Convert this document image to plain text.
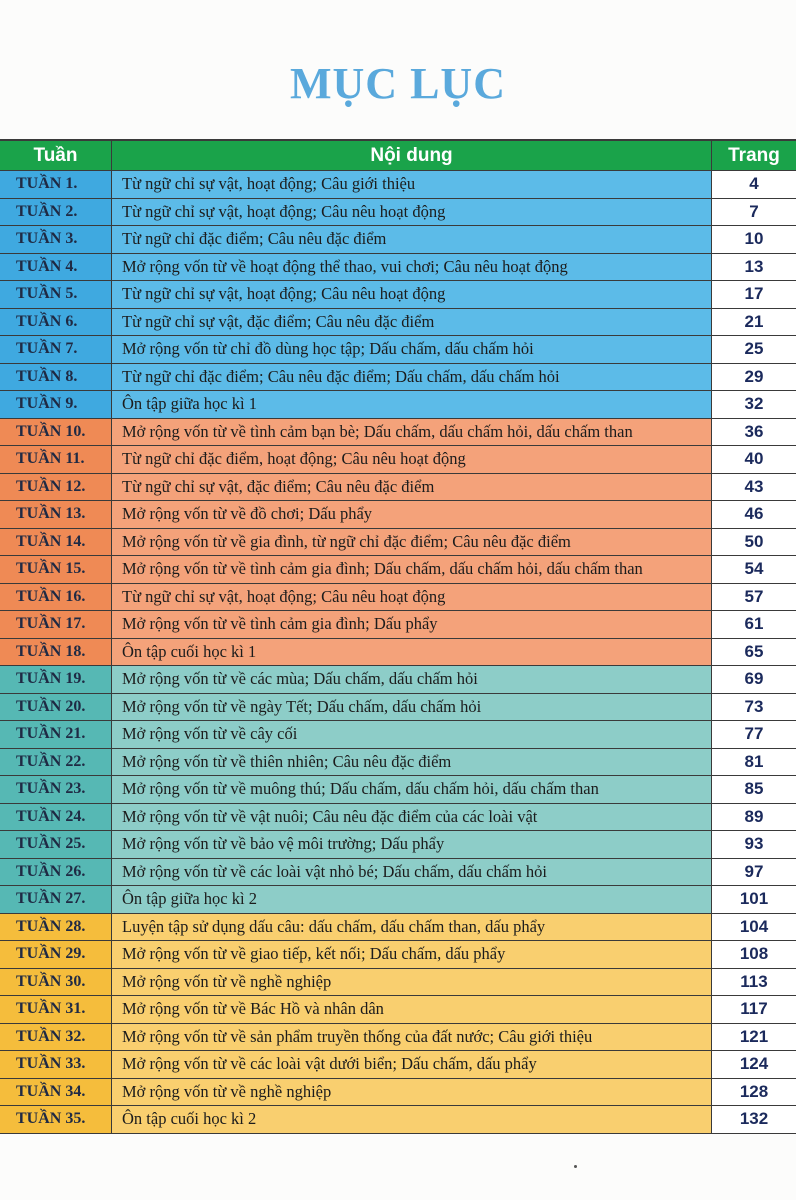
MỤC LỤC
Tuần	Nội dung	Trang
TUẦN 1.	Từ ngữ chỉ sự vật, hoạt động; Câu giới thiệu	4
TUẦN 2.	Từ ngữ chỉ sự vật, hoạt động; Câu nêu hoạt động	7
TUẦN 3.	Từ ngữ chỉ đặc điểm; Câu nêu đặc điểm	10
TUẦN 4.	Mở rộng vốn từ về hoạt động thể thao, vui chơi; Câu nêu hoạt động	13
TUẦN 5.	Từ ngữ chỉ sự vật, hoạt động; Câu nêu hoạt động	17
TUẦN 6.	Từ ngữ chỉ sự vật, đặc điểm; Câu nêu đặc điểm	21
TUẦN 7.	Mở rộng vốn từ chỉ đồ dùng học tập; Dấu chấm, dấu chấm hỏi	25
TUẦN 8.	Từ ngữ chỉ đặc điểm; Câu nêu đặc điểm; Dấu chấm, dấu chấm hỏi	29
TUẦN 9.	Ôn tập giữa học kì 1	32
TUẦN 10.	Mở rộng vốn từ về tình cảm bạn bè; Dấu chấm, dấu chấm hỏi, dấu chấm than	36
TUẦN 11.	Từ ngữ chỉ đặc điểm, hoạt động; Câu nêu hoạt động	40
TUẦN 12.	Từ ngữ chỉ sự vật, đặc điểm; Câu nêu đặc điểm	43
TUẦN 13.	Mở rộng vốn từ về đồ chơi; Dấu phẩy	46
TUẦN 14.	Mở rộng vốn từ về gia đình, từ ngữ chỉ đặc điểm; Câu nêu đặc điểm	50
TUẦN 15.	Mở rộng vốn từ về tình cảm gia đình; Dấu chấm, dấu chấm hỏi, dấu chấm than	54
TUẦN 16.	Từ ngữ chỉ sự vật, hoạt động; Câu nêu hoạt động	57
TUẦN 17.	Mở rộng vốn từ về tình cảm gia đình; Dấu phẩy	61
TUẦN 18.	Ôn tập cuối học kì 1	65
TUẦN 19.	Mở rộng vốn từ về các mùa; Dấu chấm, dấu chấm hỏi	69
TUẦN 20.	Mở rộng vốn từ về ngày Tết; Dấu chấm, dấu chấm hỏi	73
TUẦN 21.	Mở rộng vốn từ về cây cối	77
TUẦN 22.	Mở rộng vốn từ về thiên nhiên; Câu nêu đặc điểm	81
TUẦN 23.	Mở rộng vốn từ về muông thú; Dấu chấm, dấu chấm hỏi, dấu chấm than	85
TUẦN 24.	Mở rộng vốn từ về vật nuôi; Câu nêu đặc điểm của các loài vật	89
TUẦN 25.	Mở rộng vốn từ về bảo vệ môi trường; Dấu phẩy	93
TUẦN 26.	Mở rộng vốn từ về các loài vật nhỏ bé; Dấu chấm, dấu chấm hỏi	97
TUẦN 27.	Ôn tập giữa học kì 2	101
TUẦN 28.	Luyện tập sử dụng dấu câu: dấu chấm, dấu chấm than, dấu phẩy	104
TUẦN 29.	Mở rộng vốn từ về giao tiếp, kết nối; Dấu chấm, dấu phẩy	108
TUẦN 30.	Mở rộng vốn từ về nghề nghiệp	113
TUẦN 31.	Mở rộng vốn từ về Bác Hồ và nhân dân	117
TUẦN 32.	Mở rộng vốn từ về sản phẩm truyền thống của đất nước; Câu giới thiệu	121
TUẦN 33.	Mở rộng vốn từ về các loài vật dưới biển; Dấu chấm, dấu phẩy	124
TUẦN 34.	Mở rộng vốn từ về nghề nghiệp	128
TUẦN 35.	Ôn tập cuối học kì 2	132
